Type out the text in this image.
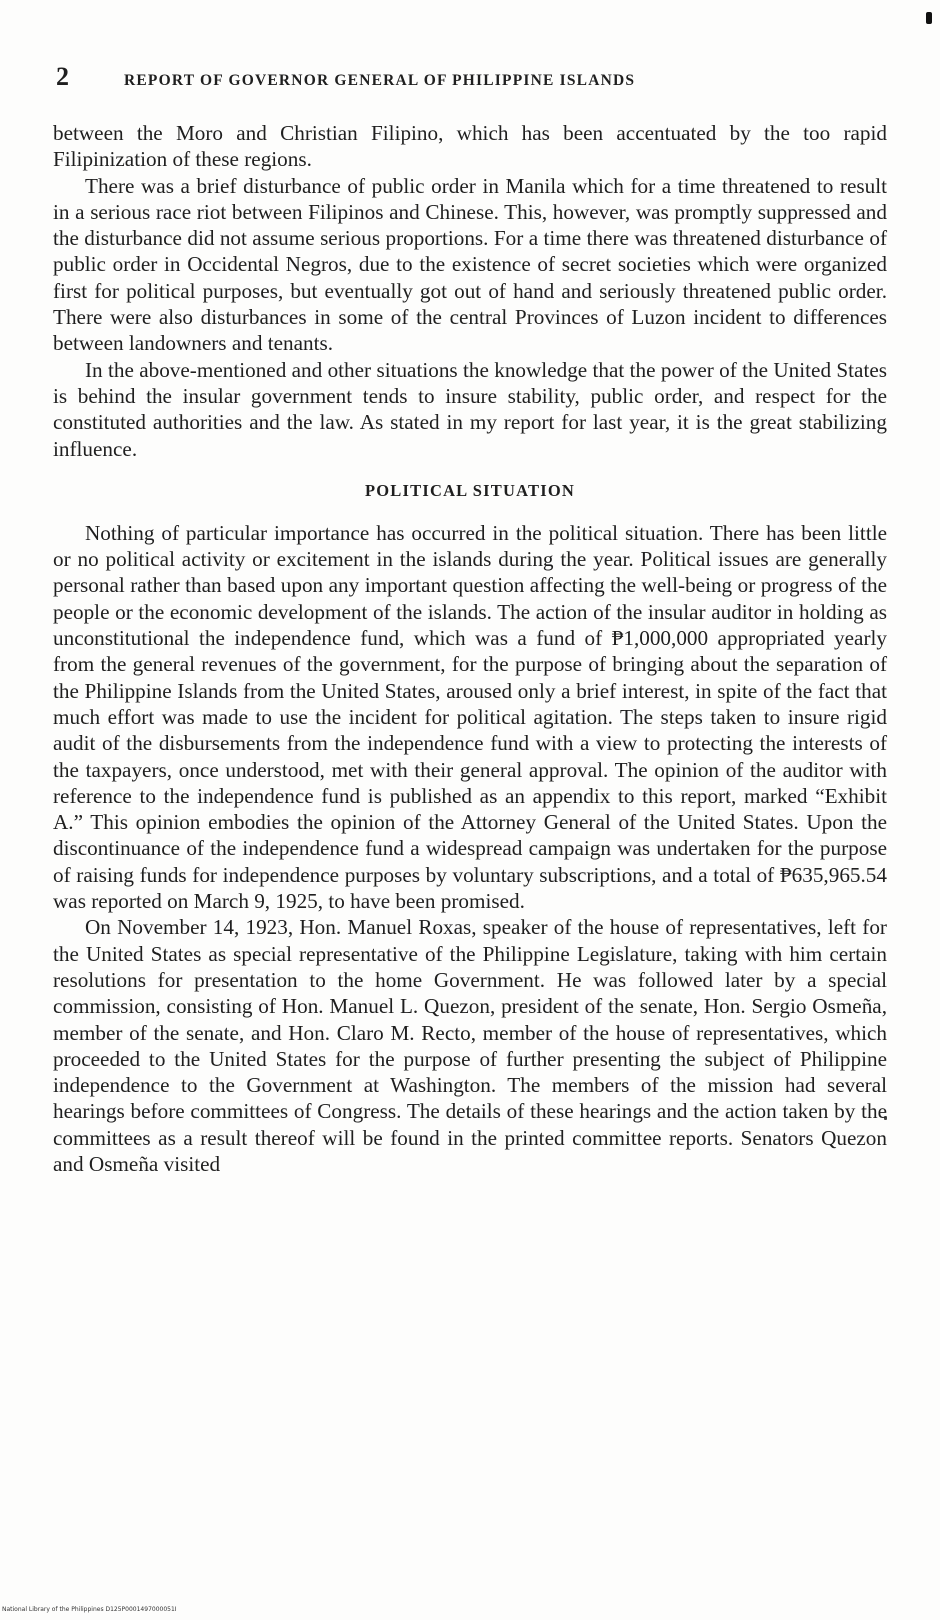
2	REPORT OF GOVERNOR GENERAL OF PHILIPPINE ISLANDS

between the Moro and Christian Filipino, which has been accentuated by the too rapid Filipinization of these regions.

There was a brief disturbance of public order in Manila which for a time threatened to result in a serious race riot between Filipinos and Chinese. This, however, was promptly suppressed and the disturbance did not assume serious proportions. For a time there was threatened disturbance of public order in Occidental Negros, due to the existence of secret societies which were organized first for political purposes, but eventually got out of hand and seriously threatened public order. There were also disturbances in some of the central Provinces of Luzon incident to differences between landowners and tenants.

In the above-mentioned and other situations the knowledge that the power of the United States is behind the insular government tends to insure stability, public order, and respect for the constituted authorities and the law. As stated in my report for last year, it is the great stabilizing influence.

POLITICAL SITUATION

Nothing of particular importance has occurred in the political situation. There has been little or no political activity or excitement in the islands during the year. Political issues are generally personal rather than based upon any important question affecting the well-being or progress of the people or the economic development of the islands. The action of the insular auditor in holding as unconstitutional the independence fund, which was a fund of ₱1,000,000 appropriated yearly from the general revenues of the government, for the purpose of bringing about the separation of the Philippine Islands from the United States, aroused only a brief interest, in spite of the fact that much effort was made to use the incident for political agitation. The steps taken to insure rigid audit of the disbursements from the independence fund with a view to protecting the interests of the taxpayers, once understood, met with their general approval. The opinion of the auditor with reference to the independence fund is published as an appendix to this report, marked “Exhibit A.” This opinion embodies the opinion of the Attorney General of the United States. Upon the discontinuance of the independence fund a widespread campaign was undertaken for the purpose of raising funds for independence purposes by voluntary subscriptions, and a total of ₱635,965.54 was reported on March 9, 1925, to have been promised.

On November 14, 1923, Hon. Manuel Roxas, speaker of the house of representatives, left for the United States as special representative of the Philippine Legislature, taking with him certain resolutions for presentation to the home Government. He was followed later by a special commission, consisting of Hon. Manuel L. Quezon, president of the senate, Hon. Sergio Osmeña, member of the senate, and Hon. Claro M. Recto, member of the house of representatives, which proceeded to the United States for the purpose of further presenting the subject of Philippine independence to the Government at Washington. The members of the mission had several hearings before committees of Congress. The details of these hearings and the action taken by the committees as a result thereof will be found in the printed committee reports. Senators Quezon and Osmeña visited

National Library of the Philippines D125P0001497000051I
